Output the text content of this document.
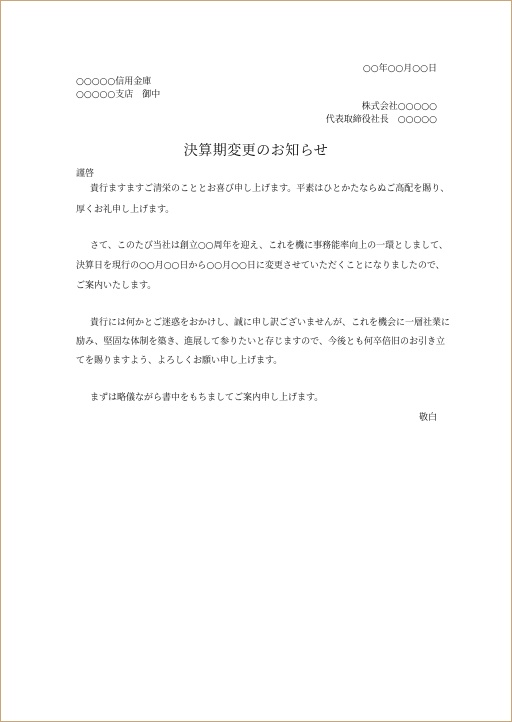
○○年○○月○○日
○○○○○信用金庫
○○○○○支店　御中
株式会社○○○○○
代表取締役社長　○○○○○
決算期変更のお知らせ
謹啓
貴行ますますご清栄のこととお喜び申し上げます。平素はひとかたならぬご高配を賜り、
厚くお礼申し上げます。
さて、このたび当社は創立○○周年を迎え、これを機に事務能率向上の一環としまして、
決算日を現行の○○月○○日から○○月○○日に変更させていただくことになりましたので、
ご案内いたします。
貴行には何かとご迷惑をおかけし、誠に申し訳ございませんが、これを機会に一層社業に
励み、堅固な体制を築き、進展して参りたいと存じますので、今後とも何卒倍旧のお引き立
てを賜りますよう、よろしくお願い申し上げます。
まずは略儀ながら書中をもちましてご案内申し上げます。
敬白
